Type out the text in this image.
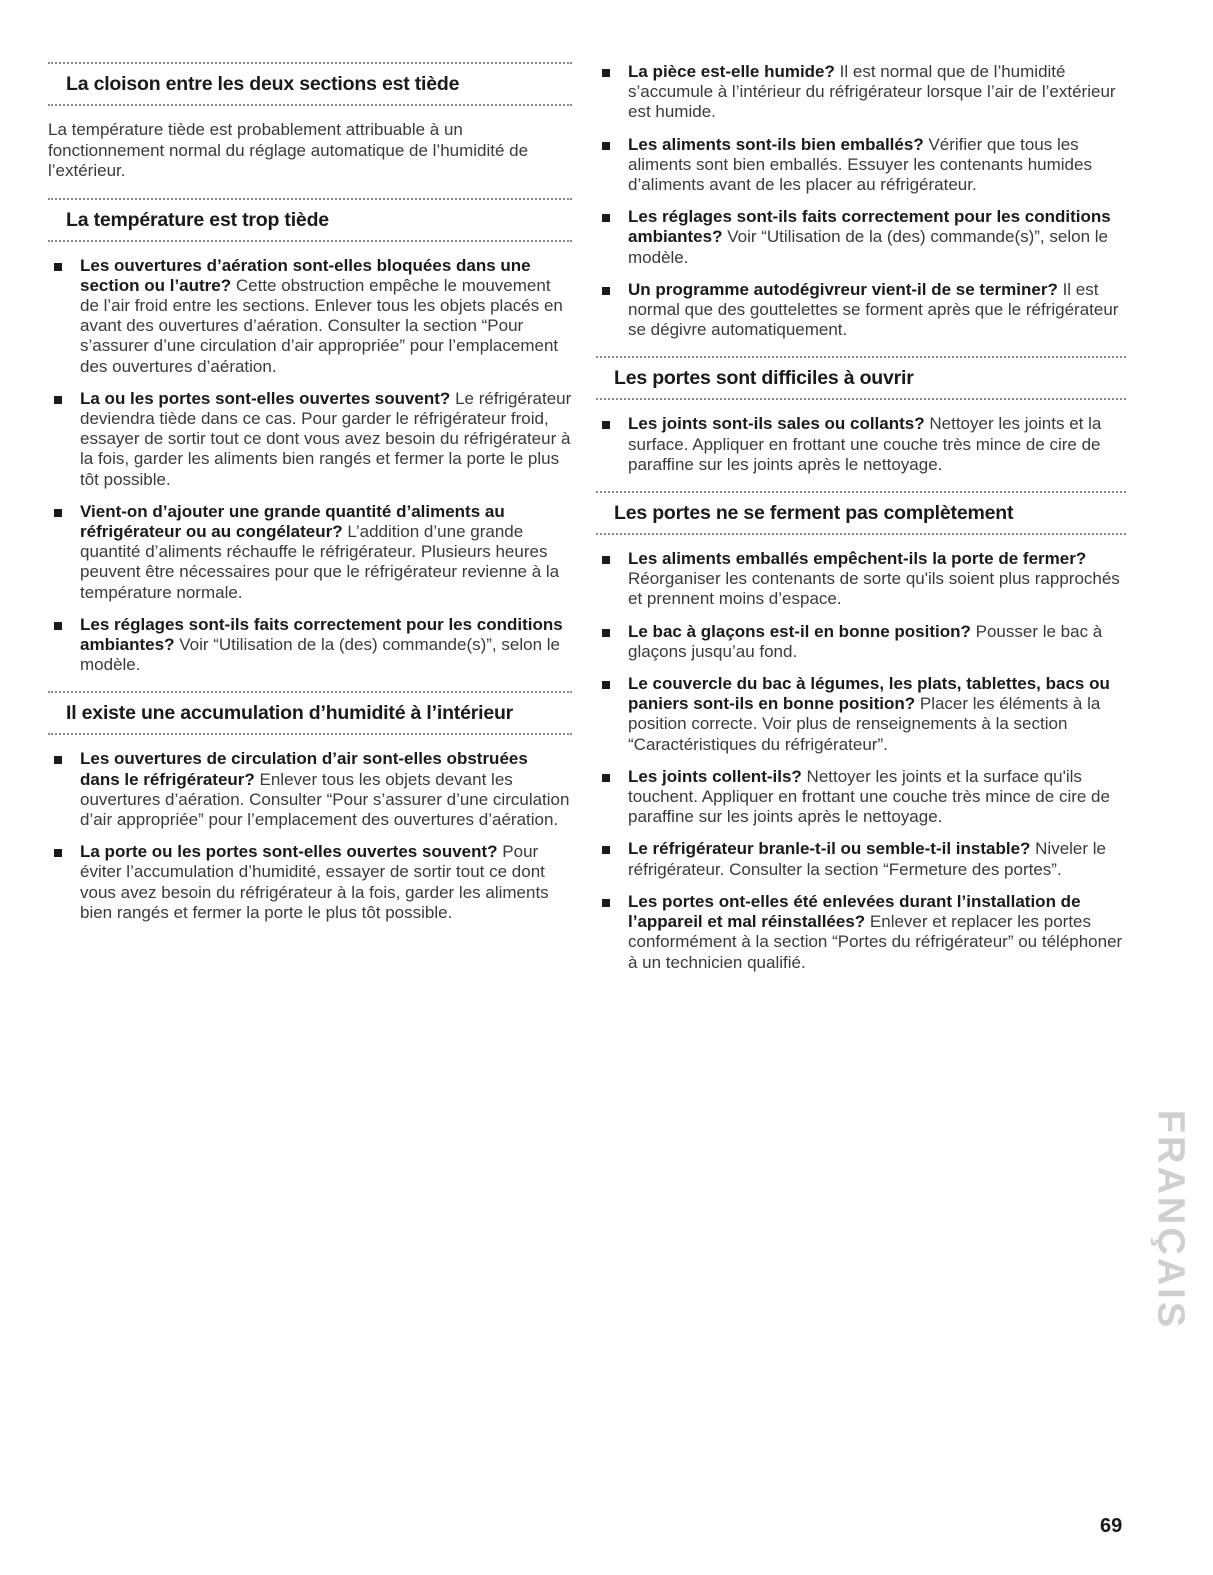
La cloison entre les deux sections est tiède

La température tiède est probablement attribuable à un fonctionnement normal du réglage automatique de l’humidité de l’extérieur.

La température est trop tiède
Les ouvertures d’aération sont-elles bloquées dans une section ou l’autre? Cette obstruction empêche le mouvement de l’air froid entre les sections. Enlever tous les objets placés en avant des ouvertures d’aération. Consulter la section “Pour s’assurer d’une circulation d’air appropriée” pour l’emplacement des ouvertures d’aération.
La ou les portes sont-elles ouvertes souvent? Le réfrigérateur deviendra tiède dans ce cas. Pour garder le réfrigérateur froid, essayer de sortir tout ce dont vous avez besoin du réfrigérateur à la fois, garder les aliments bien rangés et fermer la porte le plus tôt possible.
Vient-on d’ajouter une grande quantité d’aliments au réfrigérateur ou au congélateur? L’addition d’une grande quantité d’aliments réchauffe le réfrigérateur. Plusieurs heures peuvent être nécessaires pour que le réfrigérateur revienne à la température normale.
Les réglages sont-ils faits correctement pour les conditions ambiantes? Voir “Utilisation de la (des) commande(s)”, selon le modèle.
Il existe une accumulation d’humidité à l’intérieur
Les ouvertures de circulation d’air sont-elles obstruées dans le réfrigérateur? Enlever tous les objets devant les ouvertures d’aération. Consulter “Pour s’assurer d’une circulation d’air appropriée” pour l’emplacement des ouvertures d’aération.
La porte ou les portes sont-elles ouvertes souvent? Pour éviter l’accumulation d’humidité, essayer de sortir tout ce dont vous avez besoin du réfrigérateur à la fois, garder les aliments bien rangés et fermer la porte le plus tôt possible.
La pièce est-elle humide? Il est normal que de l’humidité s’accumule à l’intérieur du réfrigérateur lorsque l’air de l’extérieur est humide.
Les aliments sont-ils bien emballés? Vérifier que tous les aliments sont bien emballés. Essuyer les contenants humides d’aliments avant de les placer au réfrigérateur.
Les réglages sont-ils faits correctement pour les conditions ambiantes? Voir “Utilisation de la (des) commande(s)”, selon le modèle.
Un programme autodégivreur vient-il de se terminer? Il est normal que des gouttelettes se forment après que le réfrigérateur se dégivre automatiquement.
Les portes sont difficiles à ouvrir
Les joints sont-ils sales ou collants? Nettoyer les joints et la surface. Appliquer en frottant une couche très mince de cire de paraffine sur les joints après le nettoyage.
Les portes ne se ferment pas complètement
Les aliments emballés empêchent-ils la porte de fermer? Réorganiser les contenants de sorte qu'ils soient plus rapprochés et prennent moins d’espace.
Le bac à glaçons est-il en bonne position? Pousser le bac à glaçons jusqu’au fond.
Le couvercle du bac à légumes, les plats, tablettes, bacs ou paniers sont-ils en bonne position? Placer les éléments à la position correcte. Voir plus de renseignements à la section “Caractéristiques du réfrigérateur”.
Les joints collent-ils? Nettoyer les joints et la surface qu'ils touchent. Appliquer en frottant une couche très mince de cire de paraffine sur les joints après le nettoyage.
Le réfrigérateur branle-t-il ou semble-t-il instable? Niveler le réfrigérateur. Consulter la section “Fermeture des portes”.
Les portes ont-elles été enlevées durant l’installation de l’appareil et mal réinstallées? Enlever et replacer les portes conformément à la section “Portes du réfrigérateur” ou téléphoner à un technicien qualifié.
FRANÇAIS
69
